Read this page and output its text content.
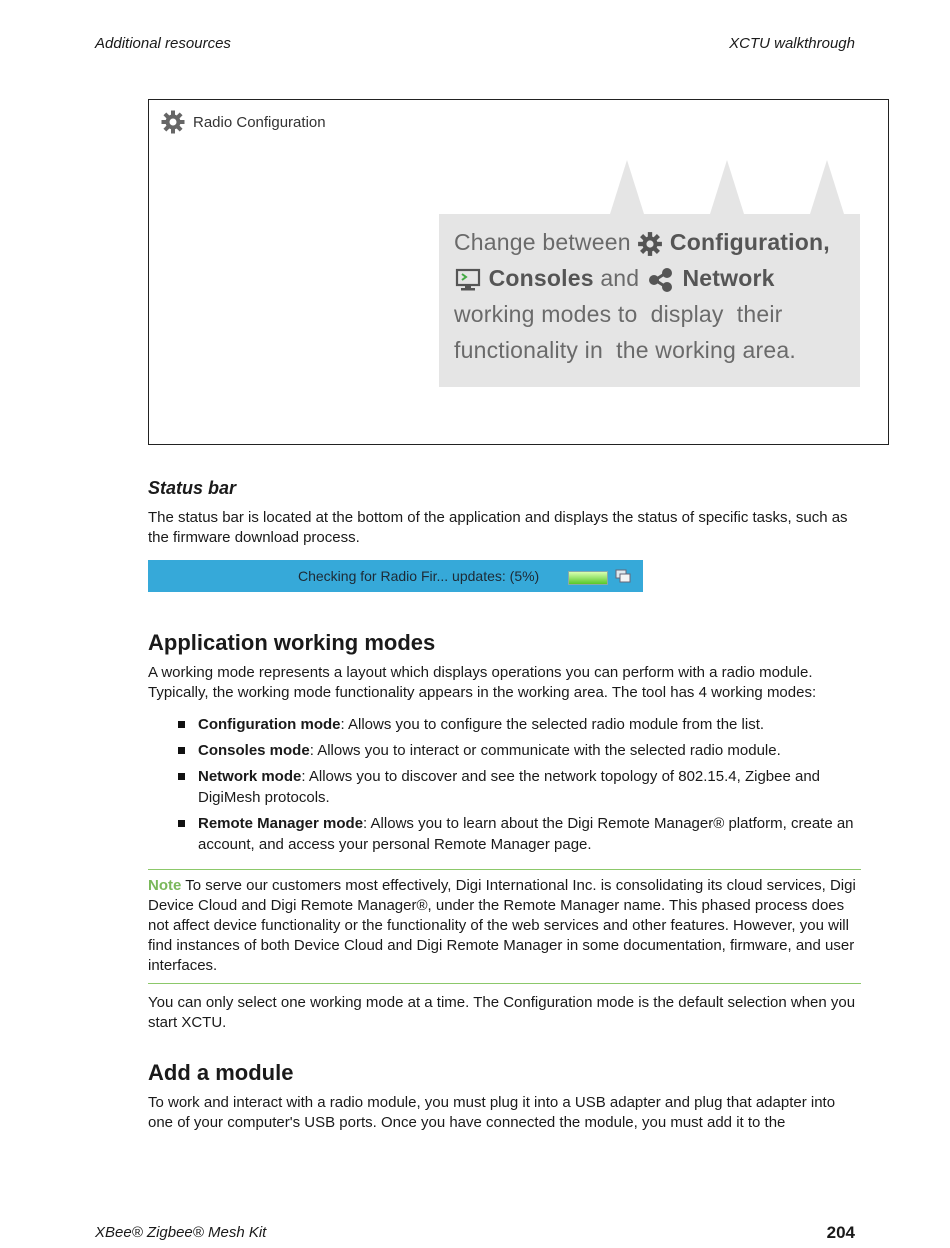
Additional resources	XCTU walkthrough
Radio Configuration
Change between Configuration,
Consoles and Network
working modes to  display  their
functionality in  the working area.
Status bar

The status bar is located at the bottom of the application and displays the status of specific tasks, such as the firmware download process.

Checking for Radio Fir... updates: (5%)
Application working modes

A working mode represents a layout which displays operations you can perform with a radio module. Typically, the working mode functionality appears in the working area. The tool has 4 working modes:

Configuration mode: Allows you to configure the selected radio module from the list.
Consoles mode: Allows you to interact or communicate with the selected radio module.
Network mode: Allows you to discover and see the network topology of 802.15.4, Zigbee and DigiMesh protocols.
Remote Manager mode: Allows you to learn about the Digi Remote Manager® platform, create an account, and access your personal Remote Manager page.
Note To serve our customers most effectively, Digi International Inc. is consolidating its cloud services, Digi Device Cloud and Digi Remote Manager®, under the Remote Manager name. This phased process does not affect device functionality or the functionality of the web services and other features. However, you will find instances of both Device Cloud and Digi Remote Manager in some documentation, firmware, and user interfaces.

You can only select one working mode at a time. The Configuration mode is the default selection when you start XCTU.

Add a module

To work and interact with a radio module, you must plug it into a USB adapter and plug that adapter into one of your computer's USB ports. Once you have connected the module, you must add it to the

XBee® Zigbee® Mesh Kit	204
